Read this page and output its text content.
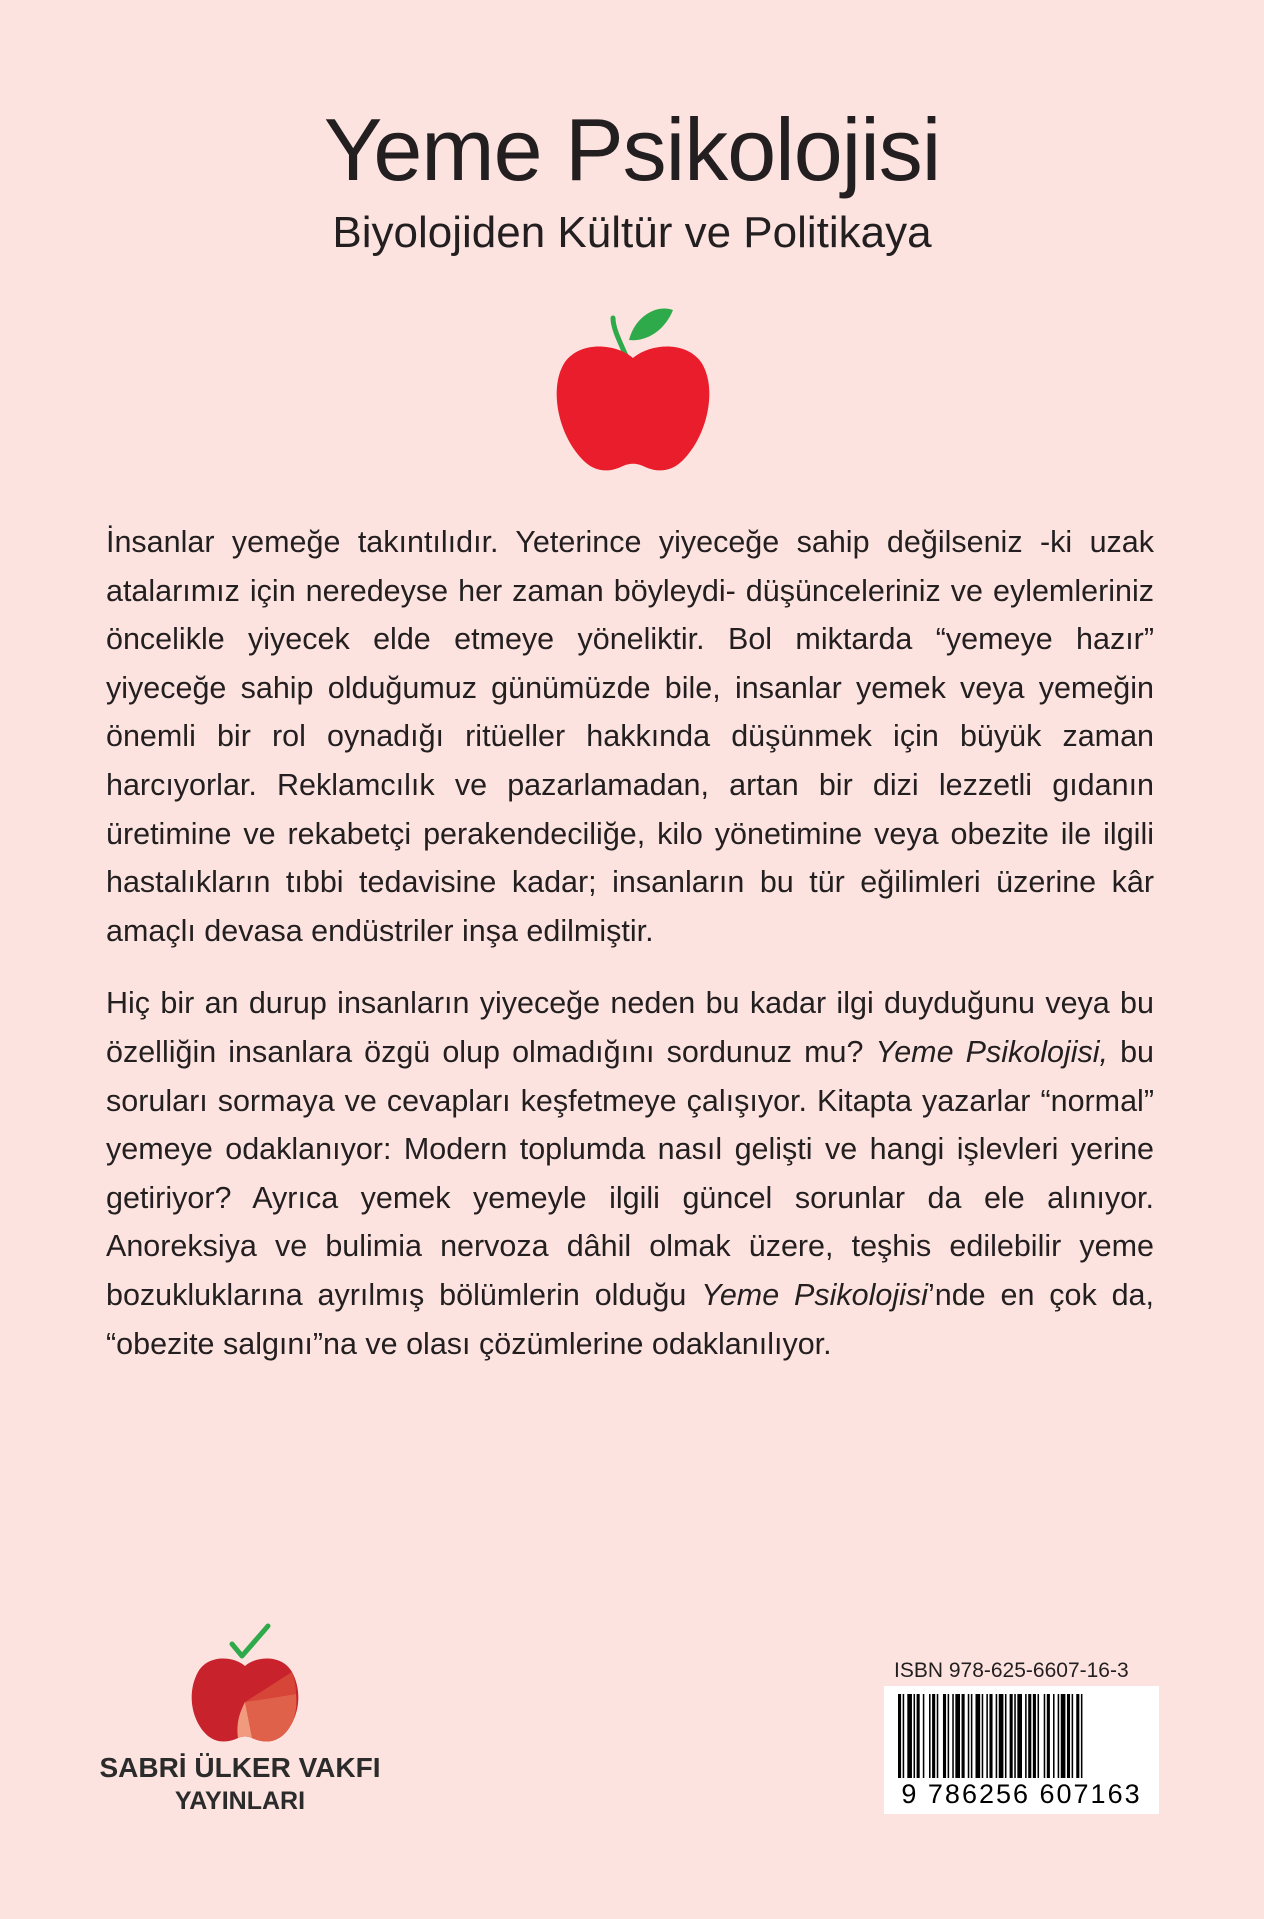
Yeme Psikolojisi
Biyolojiden Kültür ve Politikaya

İnsanlar yemeğe takıntılıdır. Yeterince yiyeceğe sahip değilseniz -ki uzak atalarımız için neredeyse her zaman böyleydi- düşünceleriniz ve eylemleriniz öncelikle yiyecek elde etmeye yöneliktir. Bol miktarda “yemeye hazır” yiyeceğe sahip olduğumuz günümüzde bile, insanlar yemek veya yemeğin önemli bir rol oynadığı ritüeller hakkında düşünmek için büyük zaman harcıyorlar. Reklamcılık ve pazarlamadan, artan bir dizi lezzetli gıdanın üretimine ve rekabetçi perakendeciliğe, kilo yönetimine veya obezite ile ilgili hastalıkların tıbbi tedavisine kadar; insanların bu tür eğilimleri üzerine kâr amaçlı devasa endüstriler inşa edilmiştir.

Hiç bir an durup insanların yiyeceğe neden bu kadar ilgi duyduğunu veya bu özelliğin insanlara özgü olup olmadığını sordunuz mu? Yeme Psikolojisi, bu soruları sormaya ve cevapları keşfetmeye çalışıyor. Kitapta yazarlar “normal” yemeye odaklanıyor: Modern toplumda nasıl gelişti ve hangi işlevleri yerine getiriyor? Ayrıca yemek yemeyle ilgili güncel sorunlar da ele alınıyor. Anoreksiya ve bulimia nervoza dâhil olmak üzere, teşhis edilebilir yeme bozukluklarına ayrılmış bölümlerin olduğu Yeme Psikolojisi’nde en çok da, “obezite salgını”na ve olası çözümlerine odaklanılıyor.

SABRİ ÜLKER VAKFI
YAYINLARI
ISBN 978-625-6607-16-3
9 786256 607163
